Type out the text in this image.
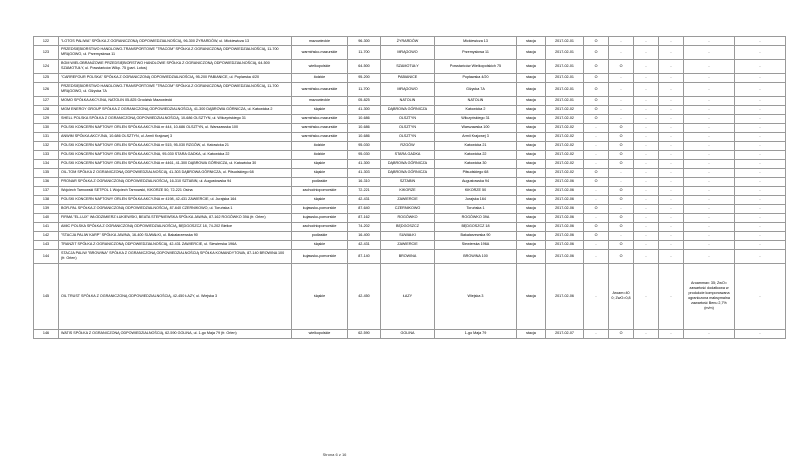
122	"LOTOS PALIWA" SPÓŁKA Z OGRANICZONĄ ODPOWIEDZIALNOŚCIĄ, 96-300 ŻYRARDÓW, ul. Mickiewicza 13	mazowieckie	96-300	ŻYRARDÓW	Mickiewicza 13	stacja	2017-02-01	O	-	-	-	-	-
123	PRZEDSIĘBIORSTWO HANDLOWO-TRANSPORTOWE "TRACOM" SPÓŁKA Z OGRANICZONĄ ODPOWIEDZIALNOŚCIĄ, 11-700 MRĄGOWO, ul. Przemysłowa 11	warmińsko-mazurskie	11-700	MRĄGOWO	Przemysłowa 11	stacja	2017-02-01	O	-	-	-	-	-
124	BGM WIELOBRANŻOWE PRZEDSIĘBIORSTWO HANDLOWE SPÓŁKA Z OGRANICZONĄ ODPOWIEDZIALNOŚCIĄ, 64-500 SZAMOTUŁY, ul. Powstańców Wlkp. 75 (part. Lotos)	wielkopolskie	64-500	SZAMOTUŁY	Powstańców Wielkopolskich 75	stacja	2017-02-01	O	O	-	-	-	-
125	"CARREFOUR POLSKA" SPÓŁKA Z OGRANICZONĄ ODPOWIEDZIALNOŚCIĄ, 95-200 PABIANICE, ul. Poplarska 4/20	łódzkie	95-200	PABIANICE	Popławska 4/20	stacja	2017-02-01	O	-	-	-	-	-
126	PRZEDSIĘBIORSTWO HANDLOWO-TRANSPORTOWE "TRACOM" SPÓŁKA Z OGRANICZONĄ ODPOWIEDZIALNOŚCIĄ, 11-700 MRĄGOWO, ul. Giżycka 7A	warmińsko-mazurskie	11-700	MRĄGOWO	Giżycka 7A	stacja	2017-02-01	O	-	-	-	-	-
127	MOMO SPÓŁKA AKCYJNA, NATOLIN 05-825 Grodzisk Mazowiecki	mazowieckie	05-825	NATOLIN	NATOLIN	stacja	2017-02-01	O	-	-	-	-	-
128	MGM ENERGY GROUP SPÓŁKA Z OGRANICZONĄ ODPOWIEDZIALNOŚCIĄ, 41-300 DĄBROWA GÓRNICZA, ul. Katowicka 2	śląskie	41-300	DĄBROWA GÓRNICZA	Katowicka 2	stacja	2017-02-02	O	-	-	-	-	-
129	SHELL POLSKA SPÓŁKA Z OGRANICZONĄ ODPOWIEDZIALNOŚCIĄ, 10-686 OLSZTYN, ul. Wilczyńskiego 31	warmińsko-mazurskie	10-686	OLSZTYN	Wilczyńskiego 31	stacja	2017-02-02	O	-	-	-	-	-
130	POLSKI KONCERN NAFTOWY ORLEN SPÓŁKA AKCYJNA nr 444, 10-686 OLSZTYN, ul. Warszawska 100	warmińsko-mazurskie	10-686	OLSZTYN	Warszawska 100	stacja	2017-02-02	-	O	-	-	-	-
131	ANWIM SPÓŁKA AKCYJNA, 10-686 OLSZTYN, ul. Armii Krajowej 3	warmińsko-mazurskie	10-686	OLSZTYN	Armii Krajowej 3	stacja	2017-02-02	-	O	-	-	-	-
132	POLSKI KONCERN NAFTOWY ORLEN SPÓŁKA AKCYJNA nr 515, 95-030 RZGÓW, ul. Katowicka 21	łódzkie	95-030	RZGÓW	Katowicka 21	stacja	2017-02-02	-	O	-	-	-	-
133	POLSKI KONCERN NAFTOWY ORLEN SPÓŁKA AKCYJNA, 95-030 STARA GADKA, ul. Katowicka 22	łódzkie	95-030	STARA GADKA	Katowicka 22	stacja	2017-02-02	-	O	-	-	-	-
134	POLSKI KONCERN NAFTOWY ORLEN SPÓŁKA AKCYJNA nr 4461, 41-300 DĄBROWA GÓRNICZA, ul. Katowicka 30	śląskie	41-300	DĄBROWA GÓRNICZA	Katowicka 30	stacja	2017-02-02	-	O	-	-	-	-
135	OIL-TOM SPÓŁKA Z OGRANICZONĄ ODPOWIEDZIALNOŚCIĄ, 41-303 DĄBROWA GÓRNICZA, ul. Piłsudskiego 68	śląskie	41-303	DĄBROWA GÓRNICZA	Piłsudskiego 68	stacja	2017-02-02	O	-	-	-	-	-
136	PRONAR SPÓŁKA Z OGRANICZONĄ ODPOWIEDZIALNOŚCIĄ, 16-310 SZTABIN, ul. Augustowska 94	podlaskie	16-310	SZTABIN	Augustowska 94	stacja	2017-02-06	O	-	-	-	-	-
137	Wojciech Tarnowski SETPOL 1 Wojciech Tarnowski, KIKORZE 50, 72-221 Osina	zachodniopomorskie	72-221	KIKORZE	KIKORZE 50	stacja	2017-02-06	-	O	-	-	-	-
138	POLSKI KONCERN NAFTOWY ORLEN SPÓŁKA AKCYJNA nr 4198, 42-431 ZAWIERCIE, ul. Jurajska 164	śląskie	42-431	ZAWIERCIE	Jurajska 164	stacja	2017-02-06	-	O	-	-	-	-
139	BOR-PAL SPÓŁKA Z OGRANICZONĄ ODPOWIEDZIALNOŚCIĄ, 87-640 CZERNIKOWO, ul. Toruńska 1	kujawsko-pomorskie	87-640	CZERNIKOWO	Toruńska 1	stacja	2017-02-06	O	-	-	-	-	-
140	FIRMA "EL-LUX" WŁODZIMIERZ ŁUKIEWSKI, BEATA STEPNIEWSKA SPÓŁKA JAWNA, 87-162 ROGÓWKO 39A (fr. Orlen)	kujawsko-pomorskie	87-162	ROGÓWKO	ROGÓWKO 39A	stacja	2017-02-06	-	O	-	-	-	-
141	AMIC POLSKA SPÓŁKA Z OGRANICZONĄ ODPOWIEDZIALNOŚCIĄ, BĘDGOSZCZ 18, 74-202 Bielice	zachodniopomorskie	74-202	BĘDGOSZCZ	BĘDGOSZCZ 18	stacja	2017-02-06	O	O	-	-	-	-
142	"STACJA PALIW KARP" SPÓŁKA JAWNA, 16-400 SUWAŁKI, ul. Bakałarzewska 90	podlaskie	16-400	SUWAŁKI	Bakałarzewska 90	stacja	2017-02-06	O	-	-	-	-	-
143	TRANZIT SPÓŁKA Z OGRANICZONĄ ODPOWIEDZIALNOŚCIĄ, 42-431 ZAWIERCIE, ul. Siewierska 196A	śląskie	42-431	ZAWIERCIE	Siewierska 196A	stacja	2017-02-06	-	O	-	-	-	-
144	STACJA PALIW "BROWINA" SPÓŁKA Z OGRANICZONĄ ODPOWIEDZIALNOŚCIĄ SPÓŁKA KOMANDYTOWA, 87-140 BROWINA 100 (fr. Orlen)	kujawsko-pomorskie	87-140	BROWINA	BROWINA 100	stacja	2017-02-06	-	O	-	-	-	-
145	OIL TRUST SPÓŁKA Z OGRANICZONĄ ODPOWIEDZIALNOŚCIĄ, 42-450 ŁAZY, ul. Wiejska 3	śląskie	42-450	ŁAZY	Wiejska 3	stacja	2017-02-06	-	Aroam=40 0; ZwO=0,8	-	-	Aroammax: 35; ZwO= zawartość dodatkowa w produkcie komponowana ograniczona maksymalna zawartość Benu 2,7% (m/m)	-
146	WATIS SPÓŁKA Z OGRANICZONĄ ODPOWIEDZIALNOŚCIĄ, 62-590 GOLINA, ul. 1-go Maja 79 (fr. Orlen)	wielkopolskie	62-590	GOLINA	1-go Maja 79	stacja	2017-02-07	-	O	-	-	-	-
Strona 6 z 16
